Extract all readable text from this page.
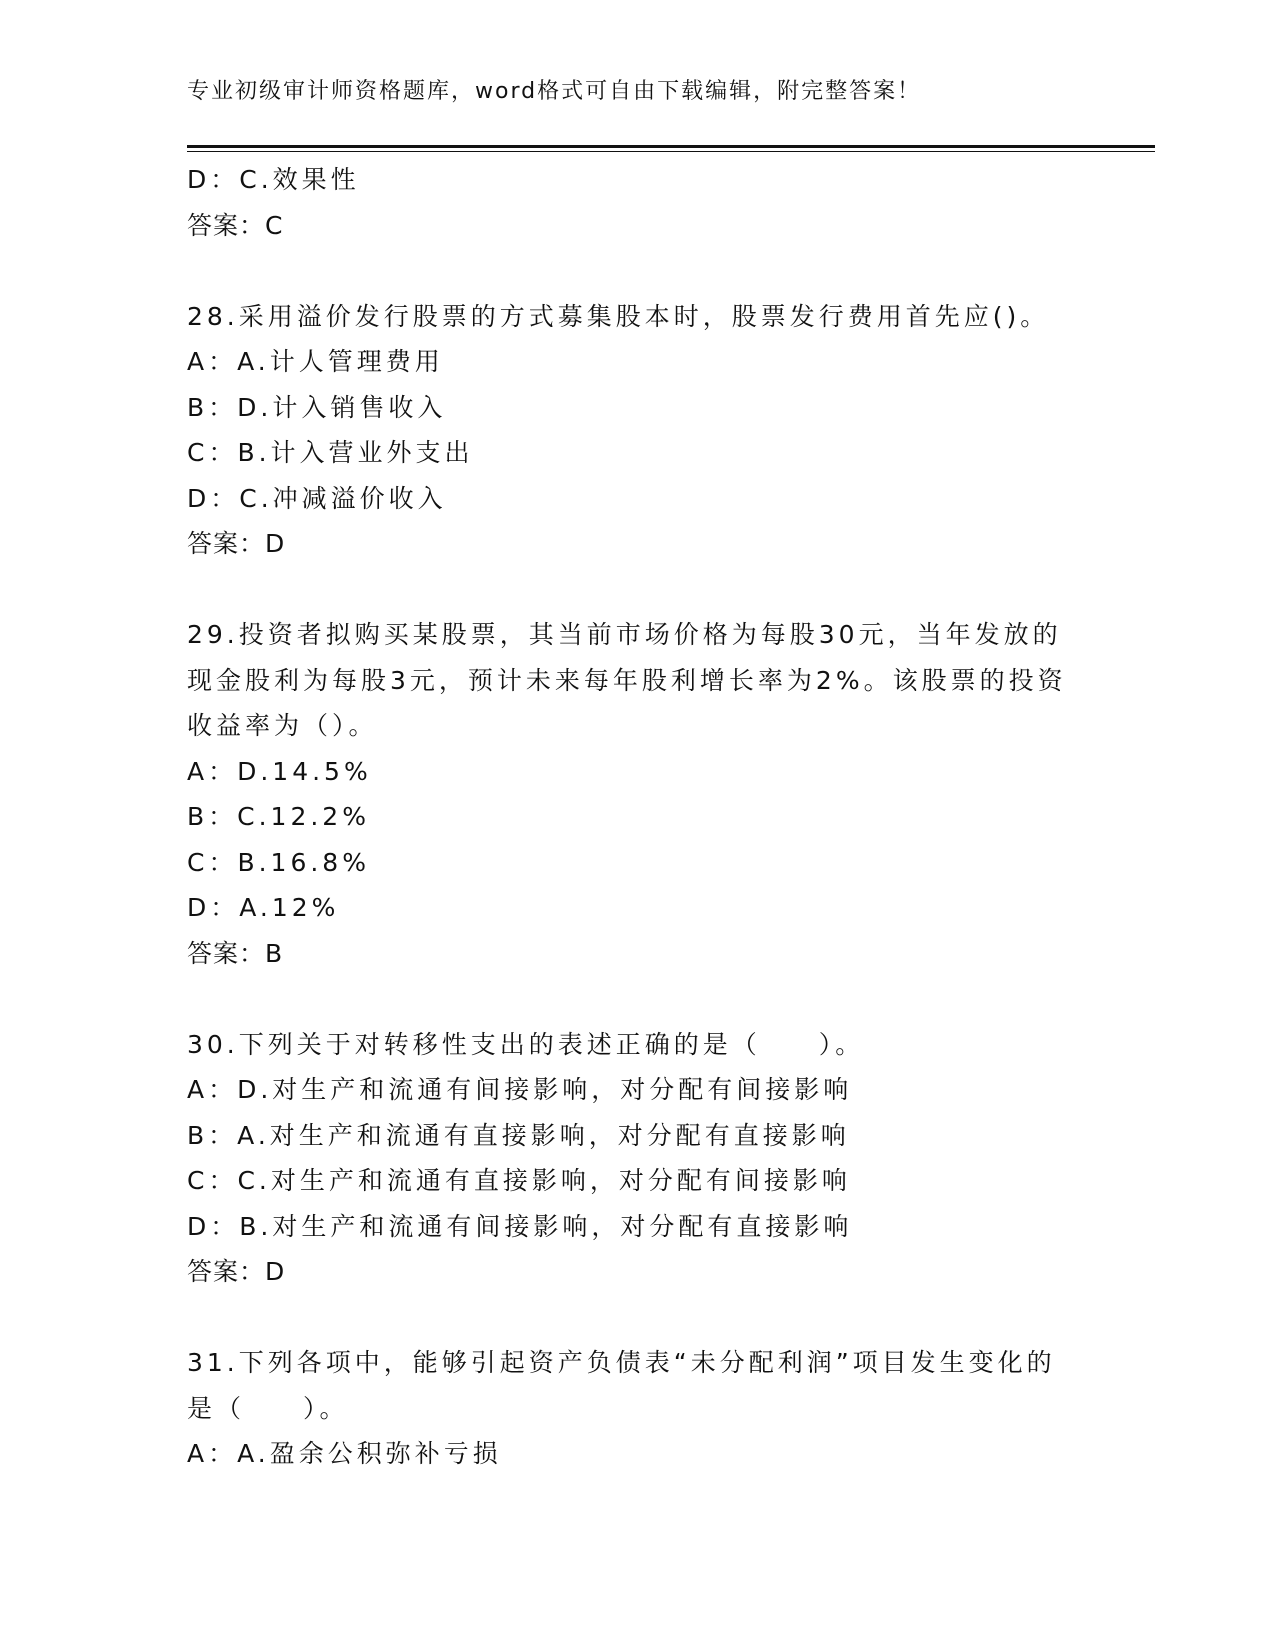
专业初级审计师资格题库，word格式可自由下载编辑，附完整答案！
D：C.效果性
答案：C
28.采用溢价发行股票的方式募集股本时，股票发行费用首先应()。
A：A.计人管理费用
B：D.计入销售收入
C：B.计入营业外支出
D：C.冲减溢价收入
答案：D
29.投资者拟购买某股票，其当前市场价格为每股30元，当年发放的
现金股利为每股3元，预计未来每年股利增长率为2%。该股票的投资
收益率为（）。
A：D.14.5%
B：C.12.2%
C：B.16.8%
D：A.12%
答案：B
30.下列关于对转移性支出的表述正确的是（　　）。
A：D.对生产和流通有间接影响，对分配有间接影响
B：A.对生产和流通有直接影响，对分配有直接影响
C：C.对生产和流通有直接影响，对分配有间接影响
D：B.对生产和流通有间接影响，对分配有直接影响
答案：D
31.下列各项中，能够引起资产负债表“未分配利润”项目发生变化的
是（　　）。
A：A.盈余公积弥补亏损
